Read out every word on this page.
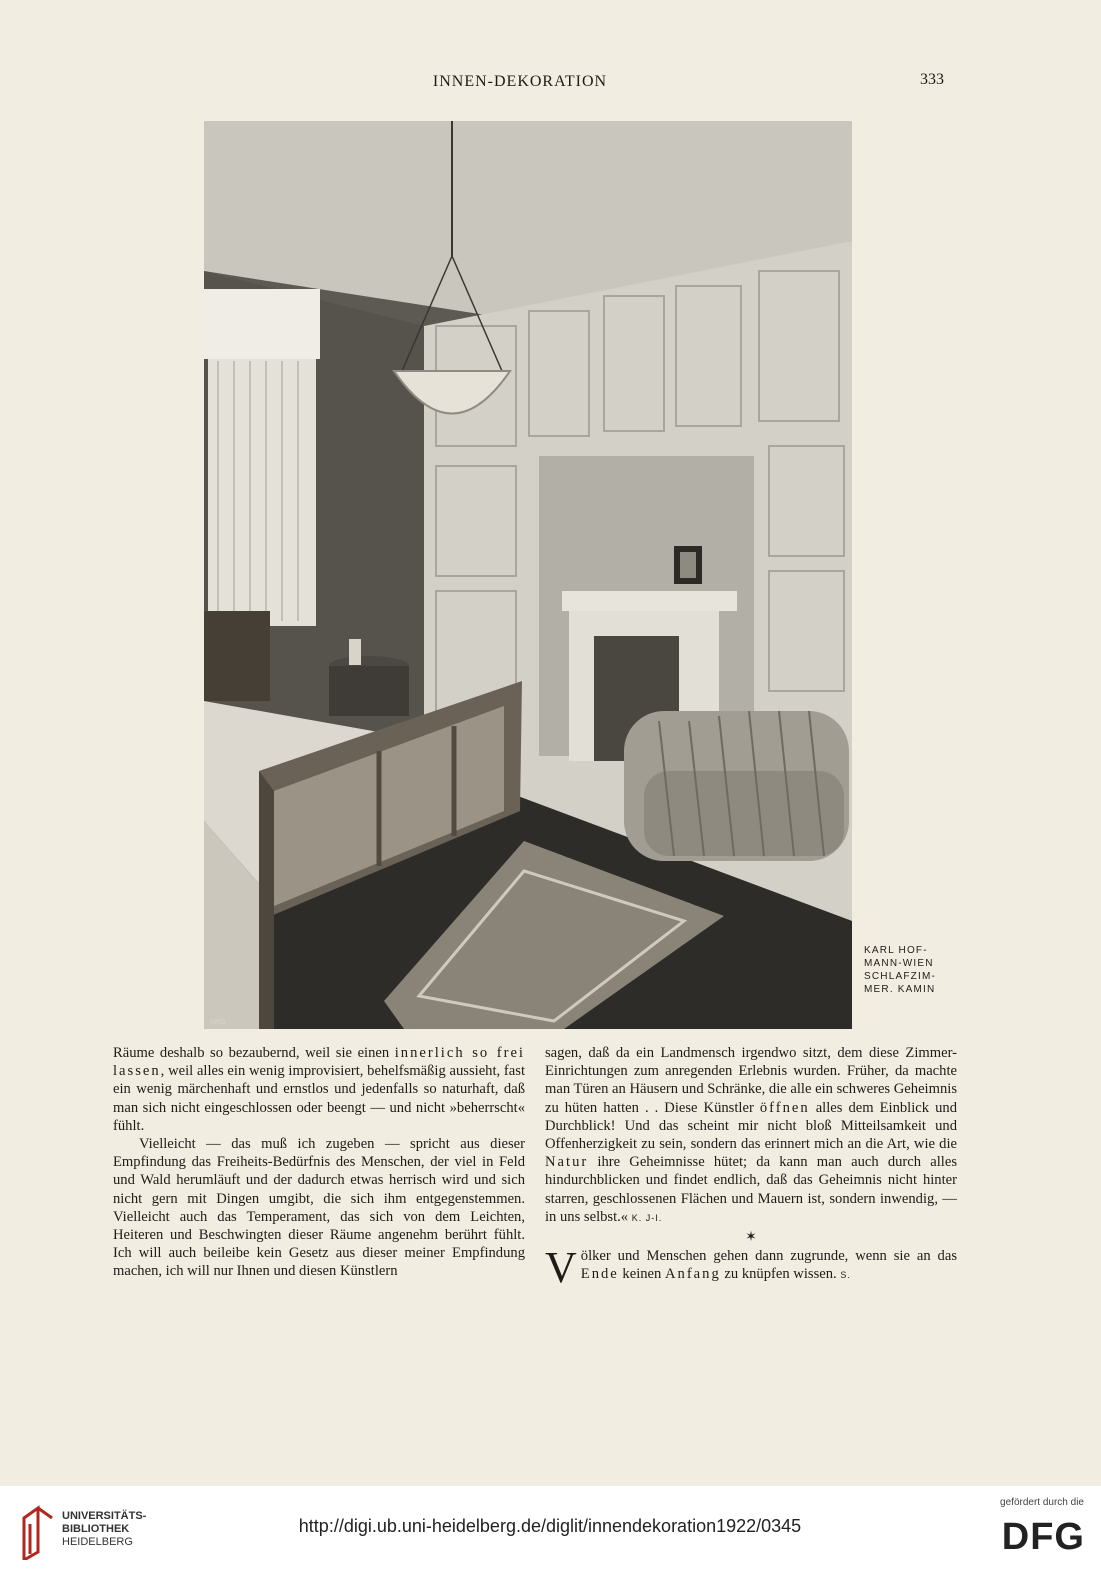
INNEN-DEKORATION	333
NRG
KARL HOF-
MANN-WIEN
SCHLAFZIM-
MER. KAMIN

Räume deshalb so bezaubernd, weil sie einen innerlich so frei lassen, weil alles ein wenig improvisiert, behelfsmäßig aussieht, fast ein wenig märchenhaft und ernstlos und jedenfalls so naturhaft, daß man sich nicht eingeschlossen oder beengt — und nicht »beherrscht« fühlt.

Vielleicht — das muß ich zugeben — spricht aus dieser Empfindung das Freiheits-Bedürfnis des Menschen, der viel in Feld und Wald herumläuft und der dadurch etwas herrisch wird und sich nicht gern mit Dingen umgibt, die sich ihm entgegenstemmen. Vielleicht auch das Temperament, das sich von dem Leichten, Heiteren und Beschwingten dieser Räume angenehm berührt fühlt. Ich will auch beileibe kein Gesetz aus dieser meiner Empfindung machen, ich will nur Ihnen und diesen Künstlern

sagen, daß da ein Landmensch irgendwo sitzt, dem diese Zimmer-Einrichtungen zum anregenden Erlebnis wurden. Früher, da machte man Türen an Häusern und Schränke, die alle ein schweres Geheimnis zu hüten hatten . . Diese Künstler öffnen alles dem Einblick und Durchblick! Und das scheint mir nicht bloß Mitteilsamkeit und Offenherzigkeit zu sein, sondern das erinnert mich an die Art, wie die Natur ihre Geheimnisse hütet; da kann man auch durch alles hindurchblicken und findet endlich, daß das Geheimnis nicht hinter starren, geschlossenen Flächen und Mauern ist, sondern inwendig, — in uns selbst.« K. J-I.

✶

Völker und Menschen gehen dann zugrunde, wenn sie an das Ende keinen Anfang zu knüpfen wissen. S.

UNIVERSITÄTS-
BIBLIOTHEK
HEIDELBERG
http://digi.ub.uni-heidelberg.de/diglit/innendekoration1922/0345
gefördert durch die
DFG
